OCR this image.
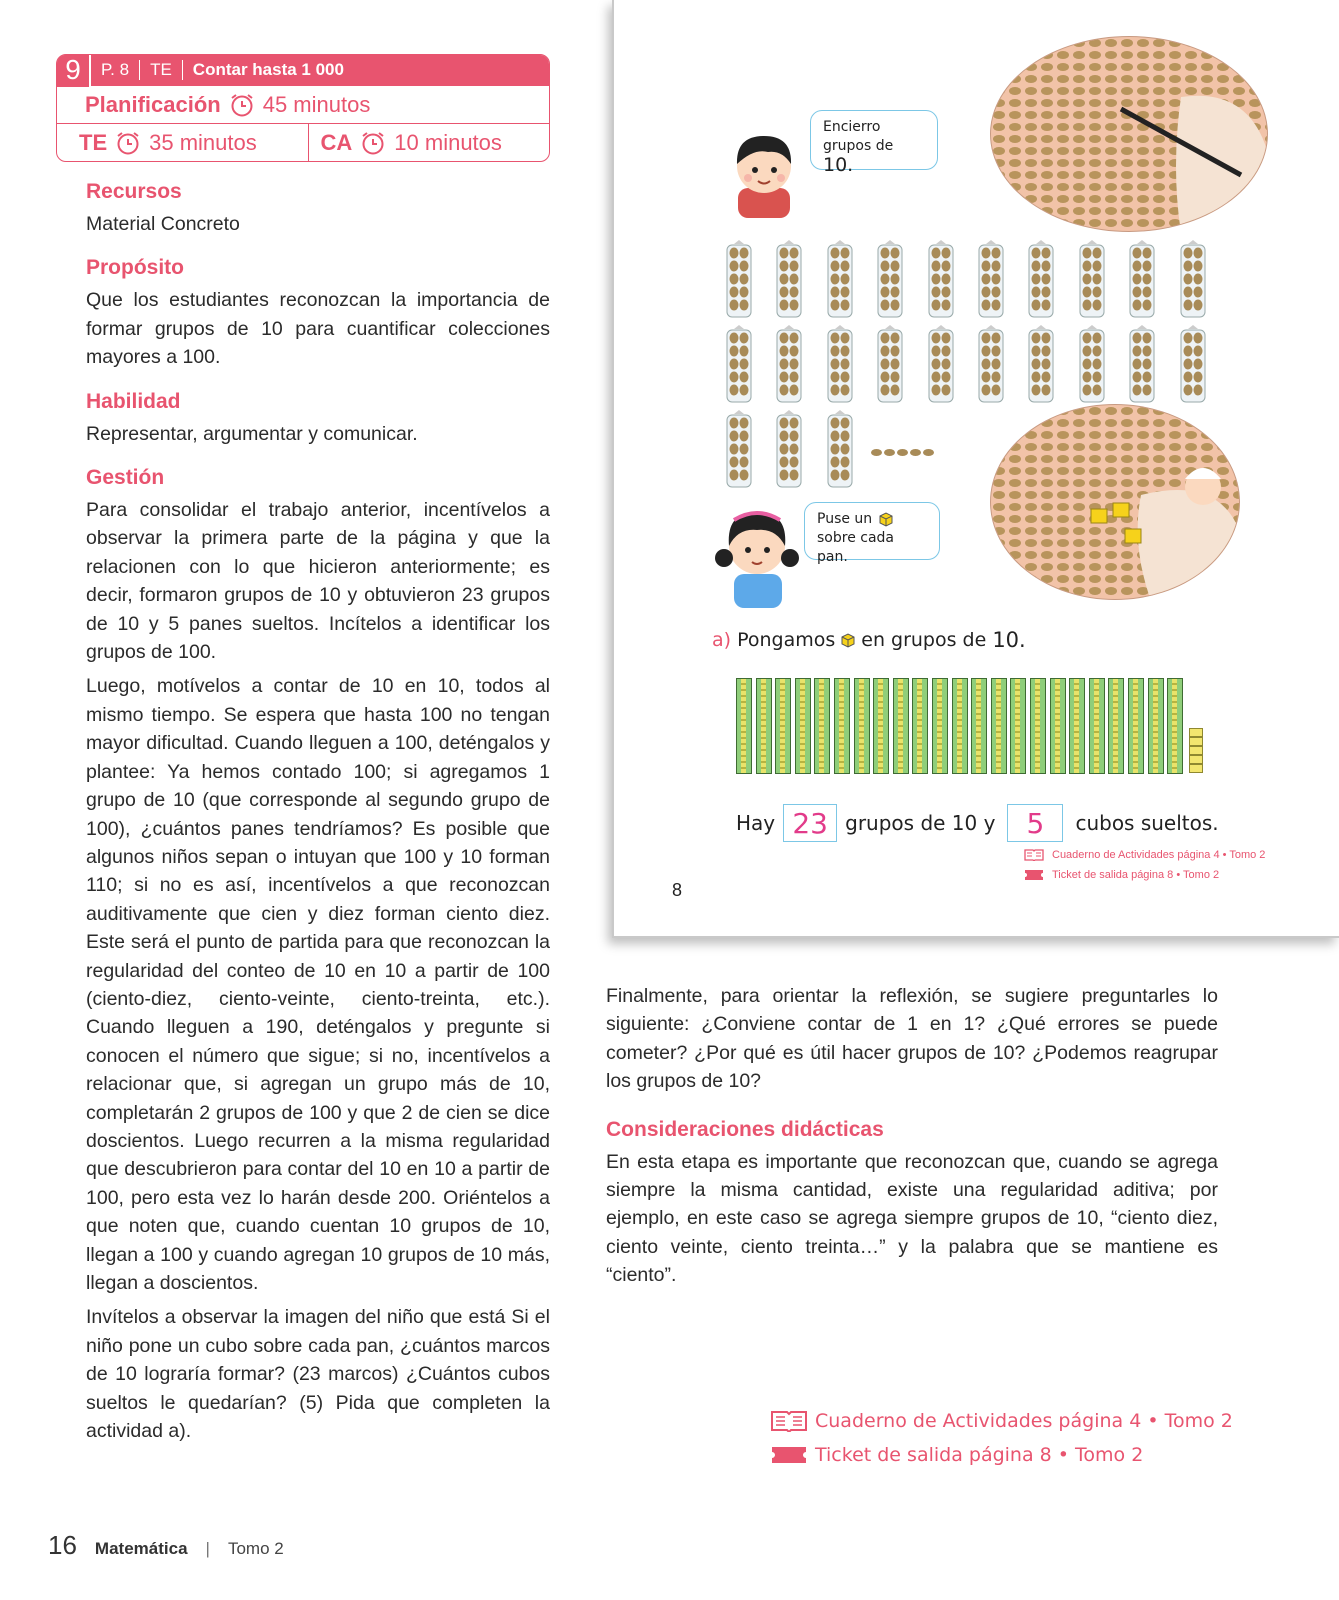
9	P. 8	TE	Contar hasta 1 000
Planificación 45 minutos
TE 35 minutos	CA 10 minutos
Recursos
Material Concreto
Propósito
Que los estudiantes reconozcan la importancia de formar grupos de 10 para cuantificar colecciones mayores a 100.
Habilidad
Representar, argumentar y comunicar.
Gestión
Para consolidar el trabajo anterior, incentívelos a observar la primera parte de la página y que la relacionen con lo que hicieron anteriormente; es decir, formaron grupos de 10 y obtuvieron 23 grupos de 10 y 5 panes sueltos. Incítelos a identificar los grupos de 100.
Luego, motívelos a contar de 10 en 10, todos al mismo tiempo. Se espera que hasta 100 no tengan mayor dificultad. Cuando lleguen a 100, deténgalos y plantee: Ya hemos contado 100; si agregamos 1 grupo de 10 (que corresponde al segundo grupo de 100), ¿cuántos panes tendríamos? Es posible que algunos niños sepan o intuyan que 100 y 10 forman 110; si no es así, incentívelos a que reconozcan auditivamente que cien y diez forman ciento diez. Este será el punto de partida para que reconozcan la regularidad del conteo de 10 en 10 a partir de 100 (ciento-diez, ciento-veinte, ciento-treinta, etc.). Cuando lleguen a 190, deténgalos y pregunte si conocen el número que sigue; si no, incentívelos a relacionar que, si agregan un grupo más de 10, completarán 2 grupos de 100 y que 2 de cien se dice doscientos. Luego recurren a la misma regularidad que descubrieron para contar del 10 en 10 a partir de 100, pero esta vez lo harán desde 200. Oriéntelos a que noten que, cuando cuentan 10 grupos de 10, llegan a 100 y cuando agregan 10 grupos de 10 más, llegan a doscientos.
Invítelos a observar la imagen del niño que está Si el niño pone un cubo sobre cada pan, ¿cuántos marcos de 10 lograría formar? (23 marcos) ¿Cuántos cubos sueltos le quedarían? (5) Pida que completen la actividad a).
Encierro grupos de 10.
Puse un
sobre cada pan.
a) Pongamos en grupos de 10.
Hay 23 grupos de 10 y	5	cubos sueltos.
Cuaderno de Actividades página 4 • Tomo 2
Ticket de salida página 8 • Tomo 2
8
Finalmente, para orientar la reflexión, se sugiere preguntarles lo siguiente: ¿Conviene contar de 1 en 1? ¿Qué errores se puede cometer? ¿Por qué es útil hacer grupos de 10? ¿Podemos reagrupar los grupos de 10?
Consideraciones didácticas
En esta etapa es importante que reconozcan que, cuando se agrega siempre la misma cantidad, existe una regularidad aditiva; por ejemplo, en este caso se agrega siempre grupos de 10, “ciento diez, ciento veinte, ciento treinta…” y la palabra que se mantiene es “ciento”.
Cuaderno de Actividades página 4 • Tomo 2
Ticket de salida página 8 • Tomo 2
16 Matemática | Tomo 2
